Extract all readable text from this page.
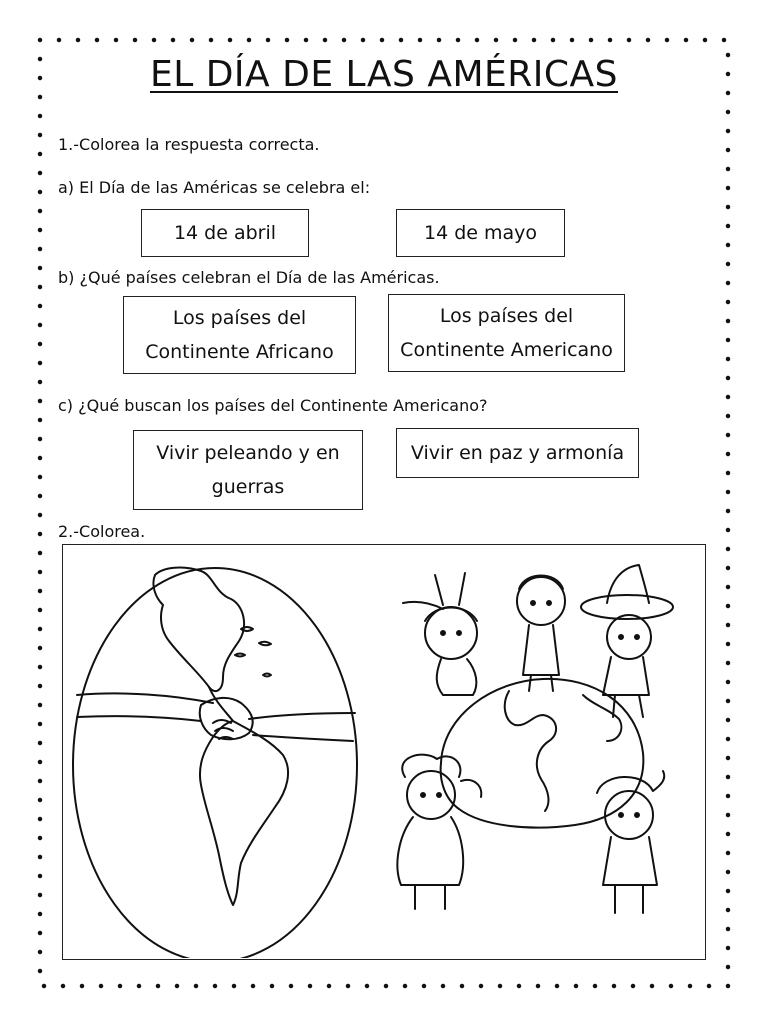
EL DÍA DE LAS AMÉRICAS
1.-Colorea la respuesta correcta.
a) El Día de las Américas se celebra el:
14 de abril	14 de mayo
b) ¿Qué países celebran el Día de las Américas.
Los países del
Continente Africano
Los países del
Continente Americano
c) ¿Qué buscan los países del Continente Americano?
Vivir peleando y en
guerras
Vivir en paz y armonía
2.-Colorea.
